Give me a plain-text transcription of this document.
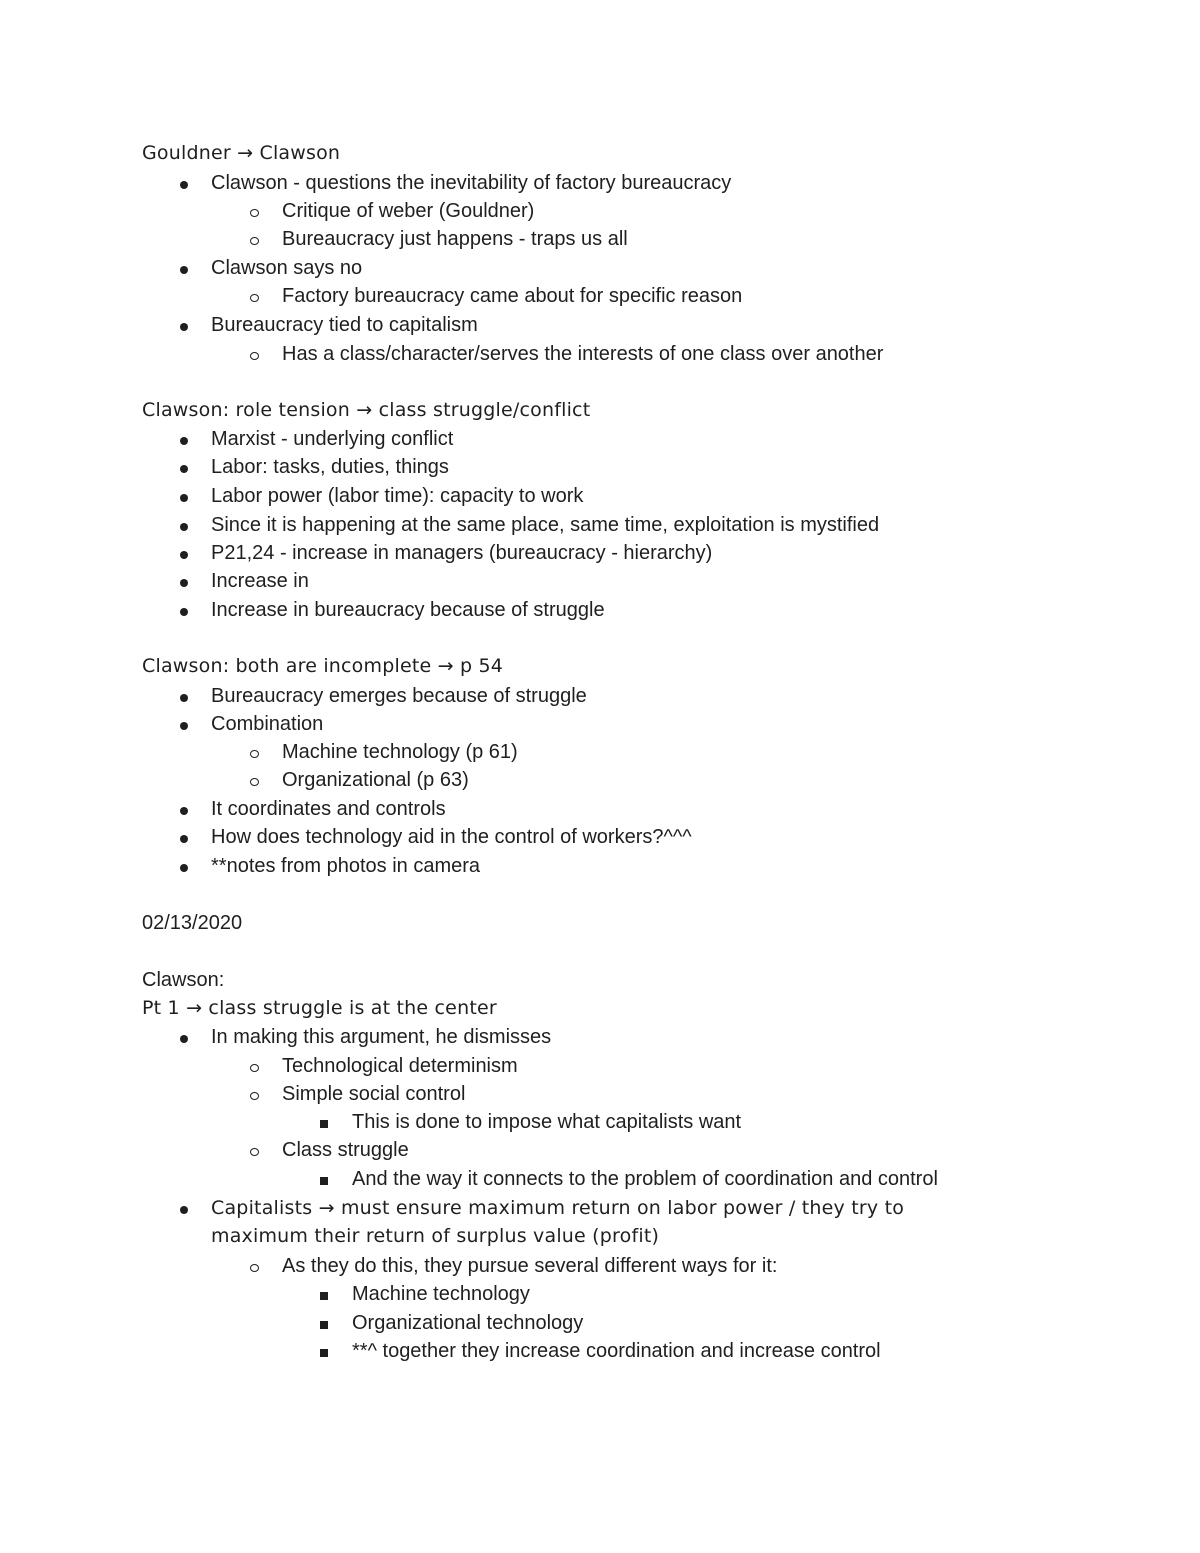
Gouldner → Clawson
Clawson - questions the inevitability of factory bureaucracy
Critique of weber (Gouldner)
Bureaucracy just happens - traps us all
Clawson says no
Factory bureaucracy came about for specific reason
Bureaucracy tied to capitalism
Has a class/character/serves the interests of one class over another
Clawson: role tension → class struggle/conflict
Marxist - underlying conflict
Labor: tasks, duties, things
Labor power (labor time): capacity to work
Since it is happening at the same place, same time, exploitation is mystified
P21,24 - increase in managers (bureaucracy - hierarchy)
Increase in
Increase in bureaucracy because of struggle
Clawson: both are incomplete → p 54
Bureaucracy emerges because of struggle
Combination
Machine technology (p 61)
Organizational (p 63)
It coordinates and controls
How does technology aid in the control of workers?^^^
**notes from photos in camera
02/13/2020
Clawson:
Pt 1 → class struggle is at the center
In making this argument, he dismisses
Technological determinism
Simple social control
This is done to impose what capitalists want
Class struggle
And the way it connects to the problem of coordination and control
Capitalists → must ensure maximum return on labor power / they try to maximum their return of surplus value (profit)
As they do this, they pursue several different ways for it:
Machine technology
Organizational technology
**^ together they increase coordination and increase control
